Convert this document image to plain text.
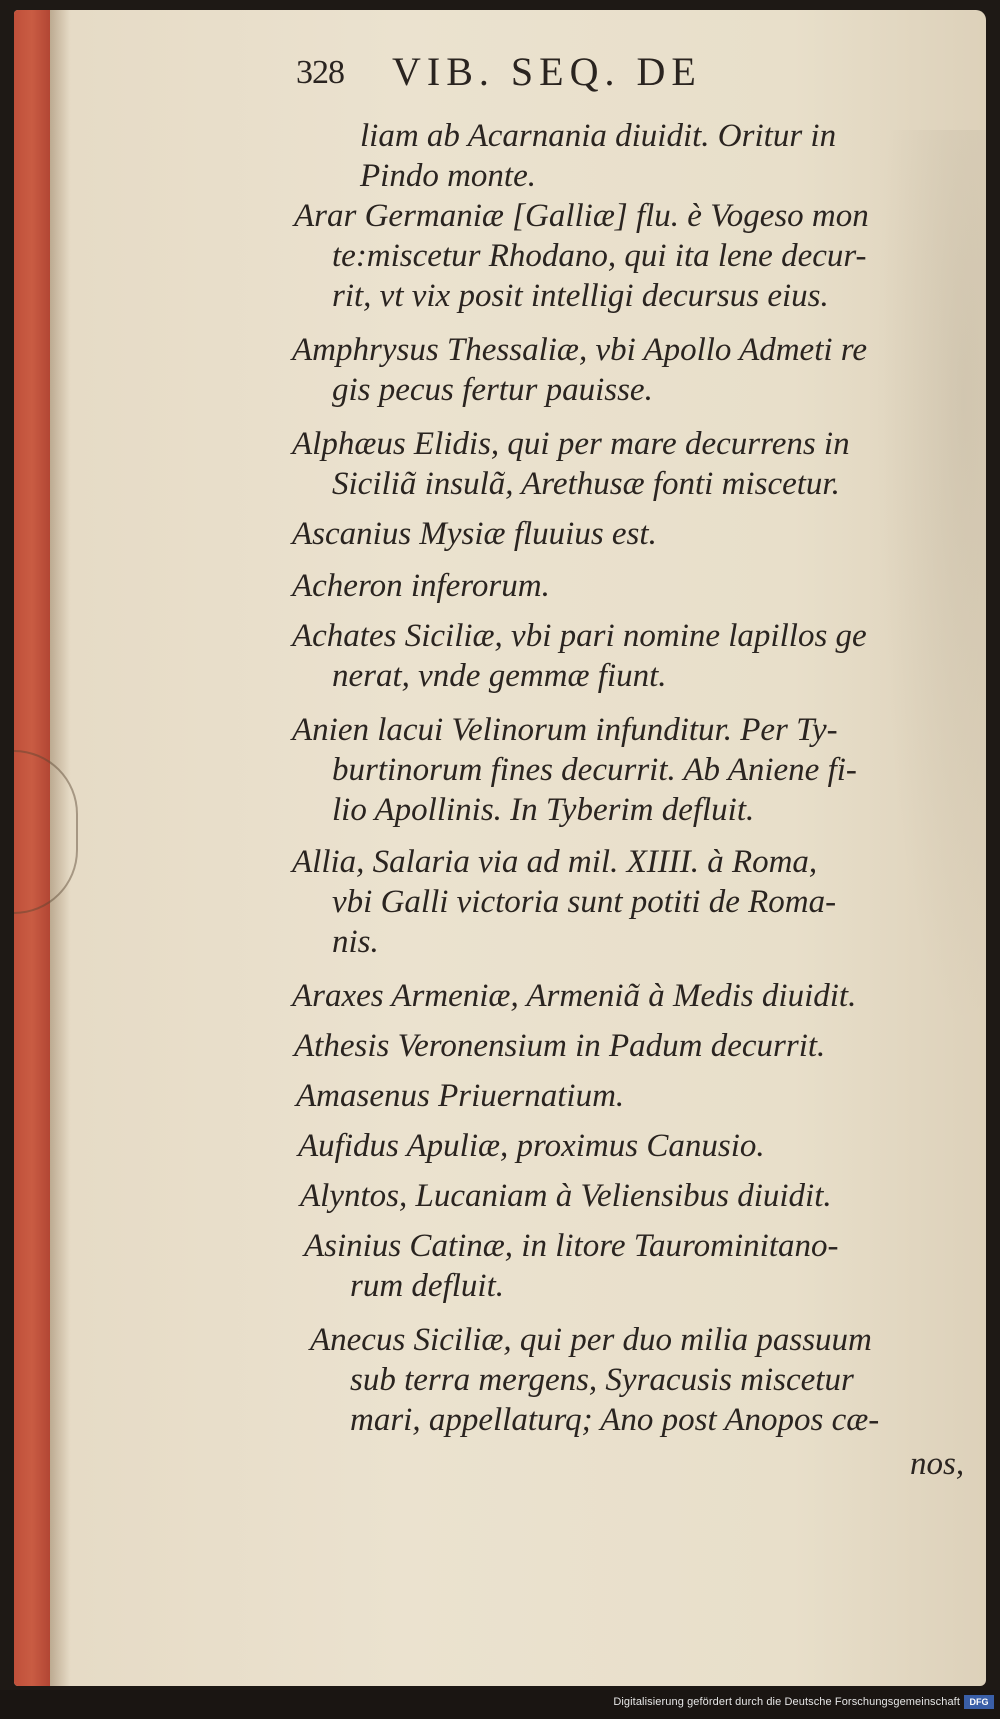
328 VIB. SEQ. DE
liam ab Acarnania diuidit. Oritur in
Pindo monte.
Arar Germaniæ [Galliæ] flu. è Vogeso mon
te:miscetur Rhodano, qui ita lene decur-
rit, vt vix posit intelligi decursus eius.
Amphrysus Thessaliæ, vbi Apollo Admeti re
gis pecus fertur pauisse.
Alphæus Elidis, qui per mare decurrens in
Siciliã insulã, Arethusæ fonti miscetur.
Ascanius Mysiæ fluuius est.
Acheron inferorum.
Achates Siciliæ, vbi pari nomine lapillos ge
nerat, vnde gemmæ fiunt.
Anien lacui Velinorum infunditur. Per Ty-
burtinorum fines decurrit. Ab Aniene fi-
lio Apollinis. In Tyberim defluit.
Allia, Salaria via ad mil. XIIII. à Roma,
vbi Galli victoria sunt potiti de Roma-
nis.
Araxes Armeniæ, Armeniã à Medis diuidit.
Athesis Veronensium in Padum decurrit.
Amasenus Priuernatium.
Aufidus Apuliæ, proximus Canusio.
Alyntos, Lucaniam à Veliensibus diuidit.
Asinius Catinæ, in litore Taurominitano-
rum defluit.
Anecus Siciliæ, qui per duo milia passuum
sub terra mergens, Syracusis miscetur
mari, appellaturq; Ano post Anopos cæ-
nos,
Digitalisierung gefördert durch die Deutsche Forschungsgemeinschaft	DFG
